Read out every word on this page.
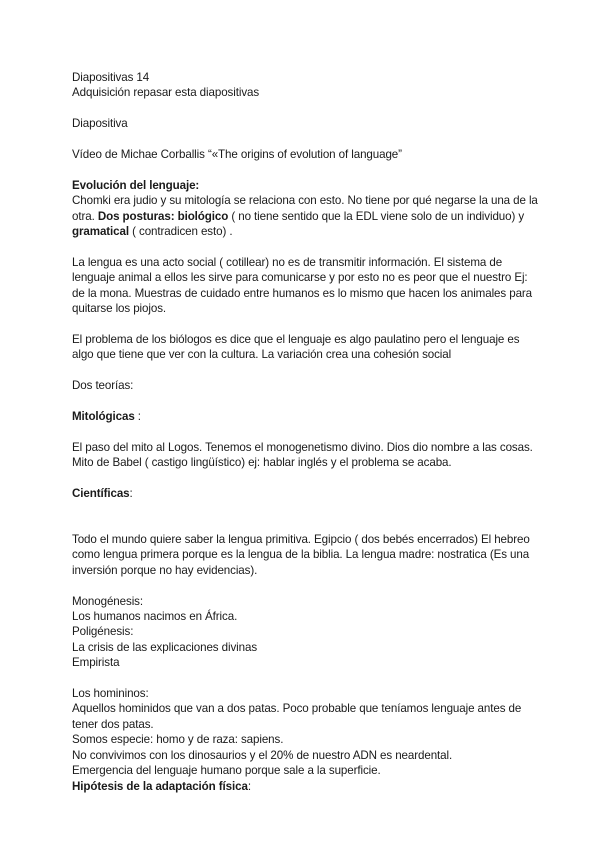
Diapositivas 14

Adquisición repasar esta diapositivas

Diapositiva

Vídeo de Michae Corballis “«The origins of evolution of language”

Evolución del lenguaje:

Chomki era judio y su mitología se relaciona con esto. No tiene por qué negarse la una de la otra. Dos posturas: biológico ( no tiene sentido que la EDL viene solo de un individuo) y gramatical ( contradicen esto) .

La lengua es una acto social ( cotillear) no es de transmitir información. El sistema de lenguaje animal a ellos les sirve para comunicarse y por esto no es peor que el nuestro Ej: de la mona. Muestras de cuidado entre humanos es lo mismo que hacen los animales para quitarse los piojos.

El problema de los biólogos es dice que el lenguaje es algo paulatino pero el lenguaje es algo que tiene que ver con la cultura. La variación crea una cohesión social

Dos teorías:

Mitológicas :

El paso del mito al Logos. Tenemos el monogenetismo divino. Dios dio nombre a las cosas. Mito de Babel ( castigo lingüístico) ej: hablar inglés y el problema se acaba.

Científicas:

Todo el mundo quiere saber la lengua primitiva. Egipcio ( dos bebés encerrados) El hebreo como lengua primera porque es la lengua de la biblia. La lengua madre: nostratica (Es una inversión porque no hay evidencias).

Monogénesis:

Los humanos nacimos en África.

Poligénesis:

La crisis de las explicaciones divinas

Empirista

Los homininos:

Aquellos hominidos que van a dos patas. Poco probable que teníamos lenguaje antes de tener dos patas.

Somos especie: homo y de raza: sapiens.

No convivimos con los dinosaurios y el 20% de nuestro ADN es neardental.

Emergencia del lenguaje humano porque sale a la superficie.

Hipótesis de la adaptación física:
